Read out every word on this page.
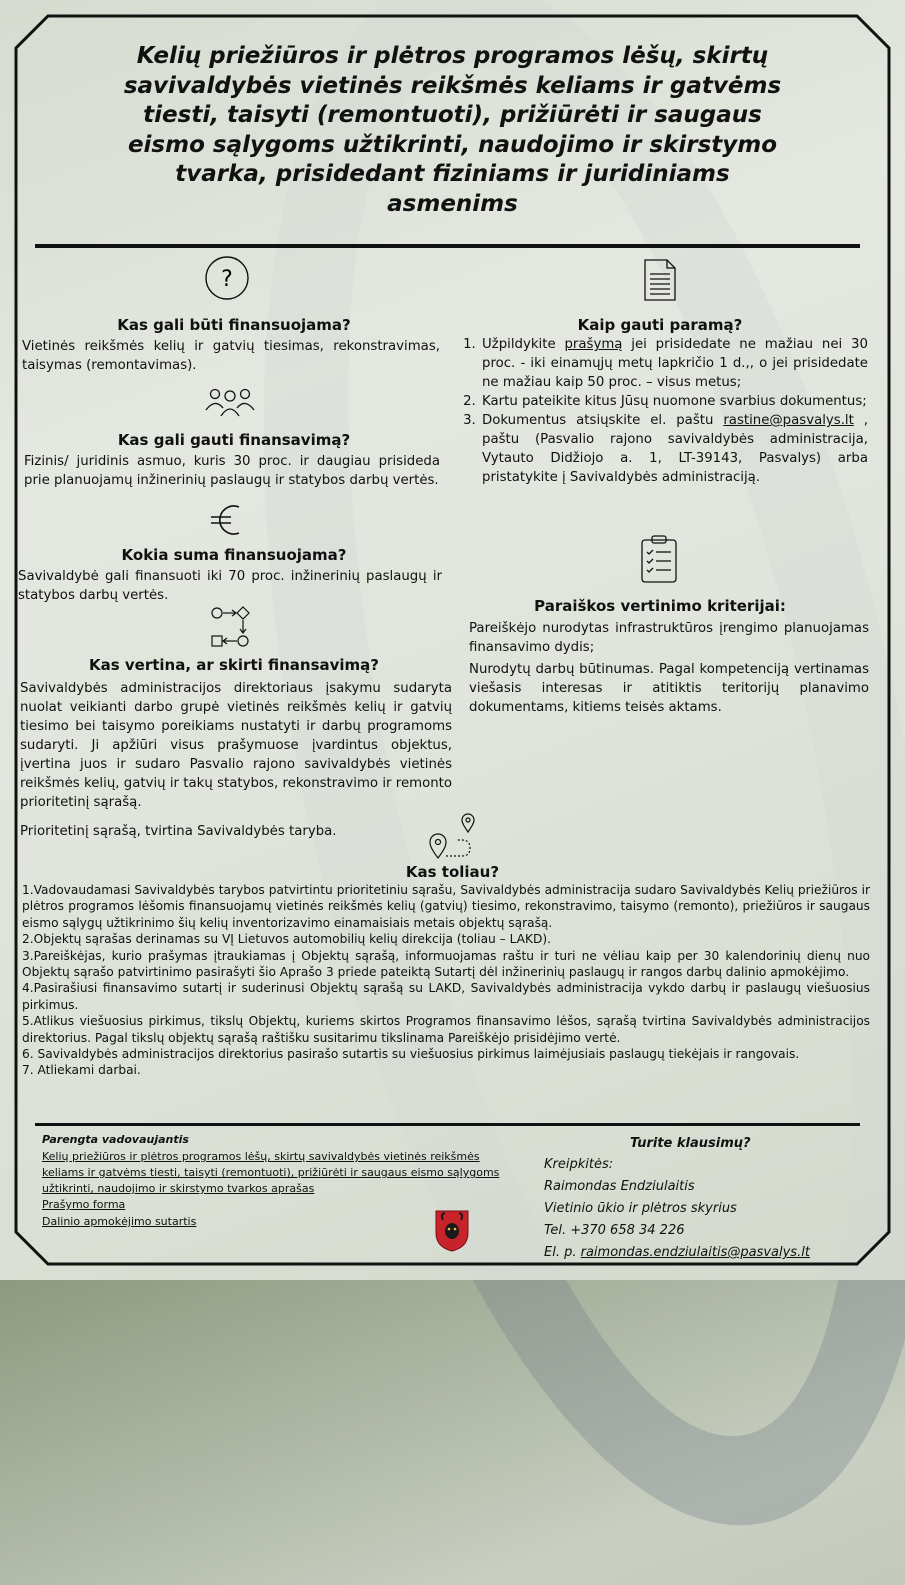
Kelių priežiūros ir plėtros programos lėšų, skirtų savivaldybės vietinės reikšmės keliams ir gatvėms tiesti, taisyti (remontuoti), prižiūrėti ir saugaus eismo sąlygoms užtikrinti, naudojimo ir skirstymo tvarka, prisidedant fiziniams ir juridiniams asmenims
?
Kas gali būti finansuojama?
Vietinės reikšmės kelių ir gatvių tiesimas, rekonstravimas, taisymas (remontavimas).
Kas gali gauti finansavimą?
Fizinis/ juridinis asmuo, kuris 30 proc. ir daugiau prisideda prie planuojamų inžinerinių paslaugų ir statybos darbų vertės.
Kokia suma finansuojama?
Savivaldybė gali finansuoti iki 70 proc. inžinerinių paslaugų ir statybos darbų vertės.
Kas vertina, ar skirti finansavimą?
Savivaldybės administracijos direktoriaus įsakymu sudaryta nuolat veikianti darbo grupė vietinės reikšmės kelių ir gatvių tiesimo bei taisymo poreikiams nustatyti ir darbų programoms sudaryti. Ji apžiūri visus prašymuose įvardintus objektus, įvertina juos ir sudaro Pasvalio rajono savivaldybės vietinės reikšmės kelių, gatvių ir takų statybos, rekonstravimo ir remonto prioritetinį sąrašą.
Prioritetinį sąrašą, tvirtina Savivaldybės taryba.
Kaip gauti paramą?
1. Užpildykite prašymą jei prisidedate ne mažiau nei 30 proc. - iki einamųjų metų lapkričio 1 d.,, o jei prisidedate ne mažiau kaip 50 proc. – visus metus;
2. Kartu pateikite kitus Jūsų nuomone svarbius dokumentus;
3. Dokumentus atsiųskite el. paštu rastine@pasvalys.lt , paštu (Pasvalio rajono savivaldybės administracija, Vytauto Didžiojo a. 1, LT-39143, Pasvalys) arba pristatykite į Savivaldybės administraciją.
Paraiškos vertinimo kriterijai:
Pareiškėjo nurodytas infrastruktūros įrengimo planuojamas finansavimo dydis;
Nurodytų darbų būtinumas. Pagal kompetenciją vertinamas viešasis interesas ir atitiktis teritorijų planavimo dokumentams, kitiems teisės aktams.
Kas toliau?
1.Vadovaudamasi Savivaldybės tarybos patvirtintu prioritetiniu sąrašu, Savivaldybės administracija sudaro Savivaldybės Kelių priežiūros ir plėtros programos lėšomis finansuojamų vietinės reikšmės kelių (gatvių) tiesimo, rekonstravimo, taisymo (remonto), priežiūros ir saugaus eismo sąlygų užtikrinimo šių kelių inventorizavimo einamaisiais metais objektų sąrašą.
2.Objektų sąrašas derinamas su VĮ Lietuvos automobilių kelių direkcija (toliau – LAKD).
3.Pareiškėjas, kurio prašymas įtraukiamas į Objektų sąrašą, informuojamas raštu ir turi ne vėliau kaip per 30 kalendorinių dienų nuo Objektų sąrašo patvirtinimo pasirašyti šio Aprašo 3 priede pateiktą Sutartį dėl inžinerinių paslaugų ir rangos darbų dalinio apmokėjimo.
4.Pasirašiusi finansavimo sutartį ir suderinusi Objektų sąrašą su LAKD, Savivaldybės administracija vykdo darbų ir paslaugų viešuosius pirkimus.
5.Atlikus viešuosius pirkimus, tikslų Objektų, kuriems skirtos Programos finansavimo lėšos, sąrašą tvirtina Savivaldybės administracijos direktorius. Pagal tikslų objektų sąrašą raštišku susitarimu tikslinama Pareiškėjo prisidėjimo vertė.
6. Savivaldybės administracijos direktorius pasirašo sutartis su viešuosius pirkimus laimėjusiais paslaugų tiekėjais ir rangovais.
7. Atliekami darbai.
Parengta vadovaujantis
Kelių priežiūros ir plėtros programos lėšų, skirtų savivaldybės vietinės reikšmės
keliams ir gatvėms tiesti, taisyti (remontuoti), prižiūrėti ir saugaus eismo sąlygoms
užtikrinti, naudojimo ir skirstymo tvarkos aprašas
Prašymo forma
Dalinio apmokėjimo sutartis
Turite klausimų?
Kreipkitės:
Raimondas Endziulaitis
Vietinio ūkio ir plėtros skyrius
Tel. +370 658 34 226
El. p. raimondas.endziulaitis@pasvalys.lt
